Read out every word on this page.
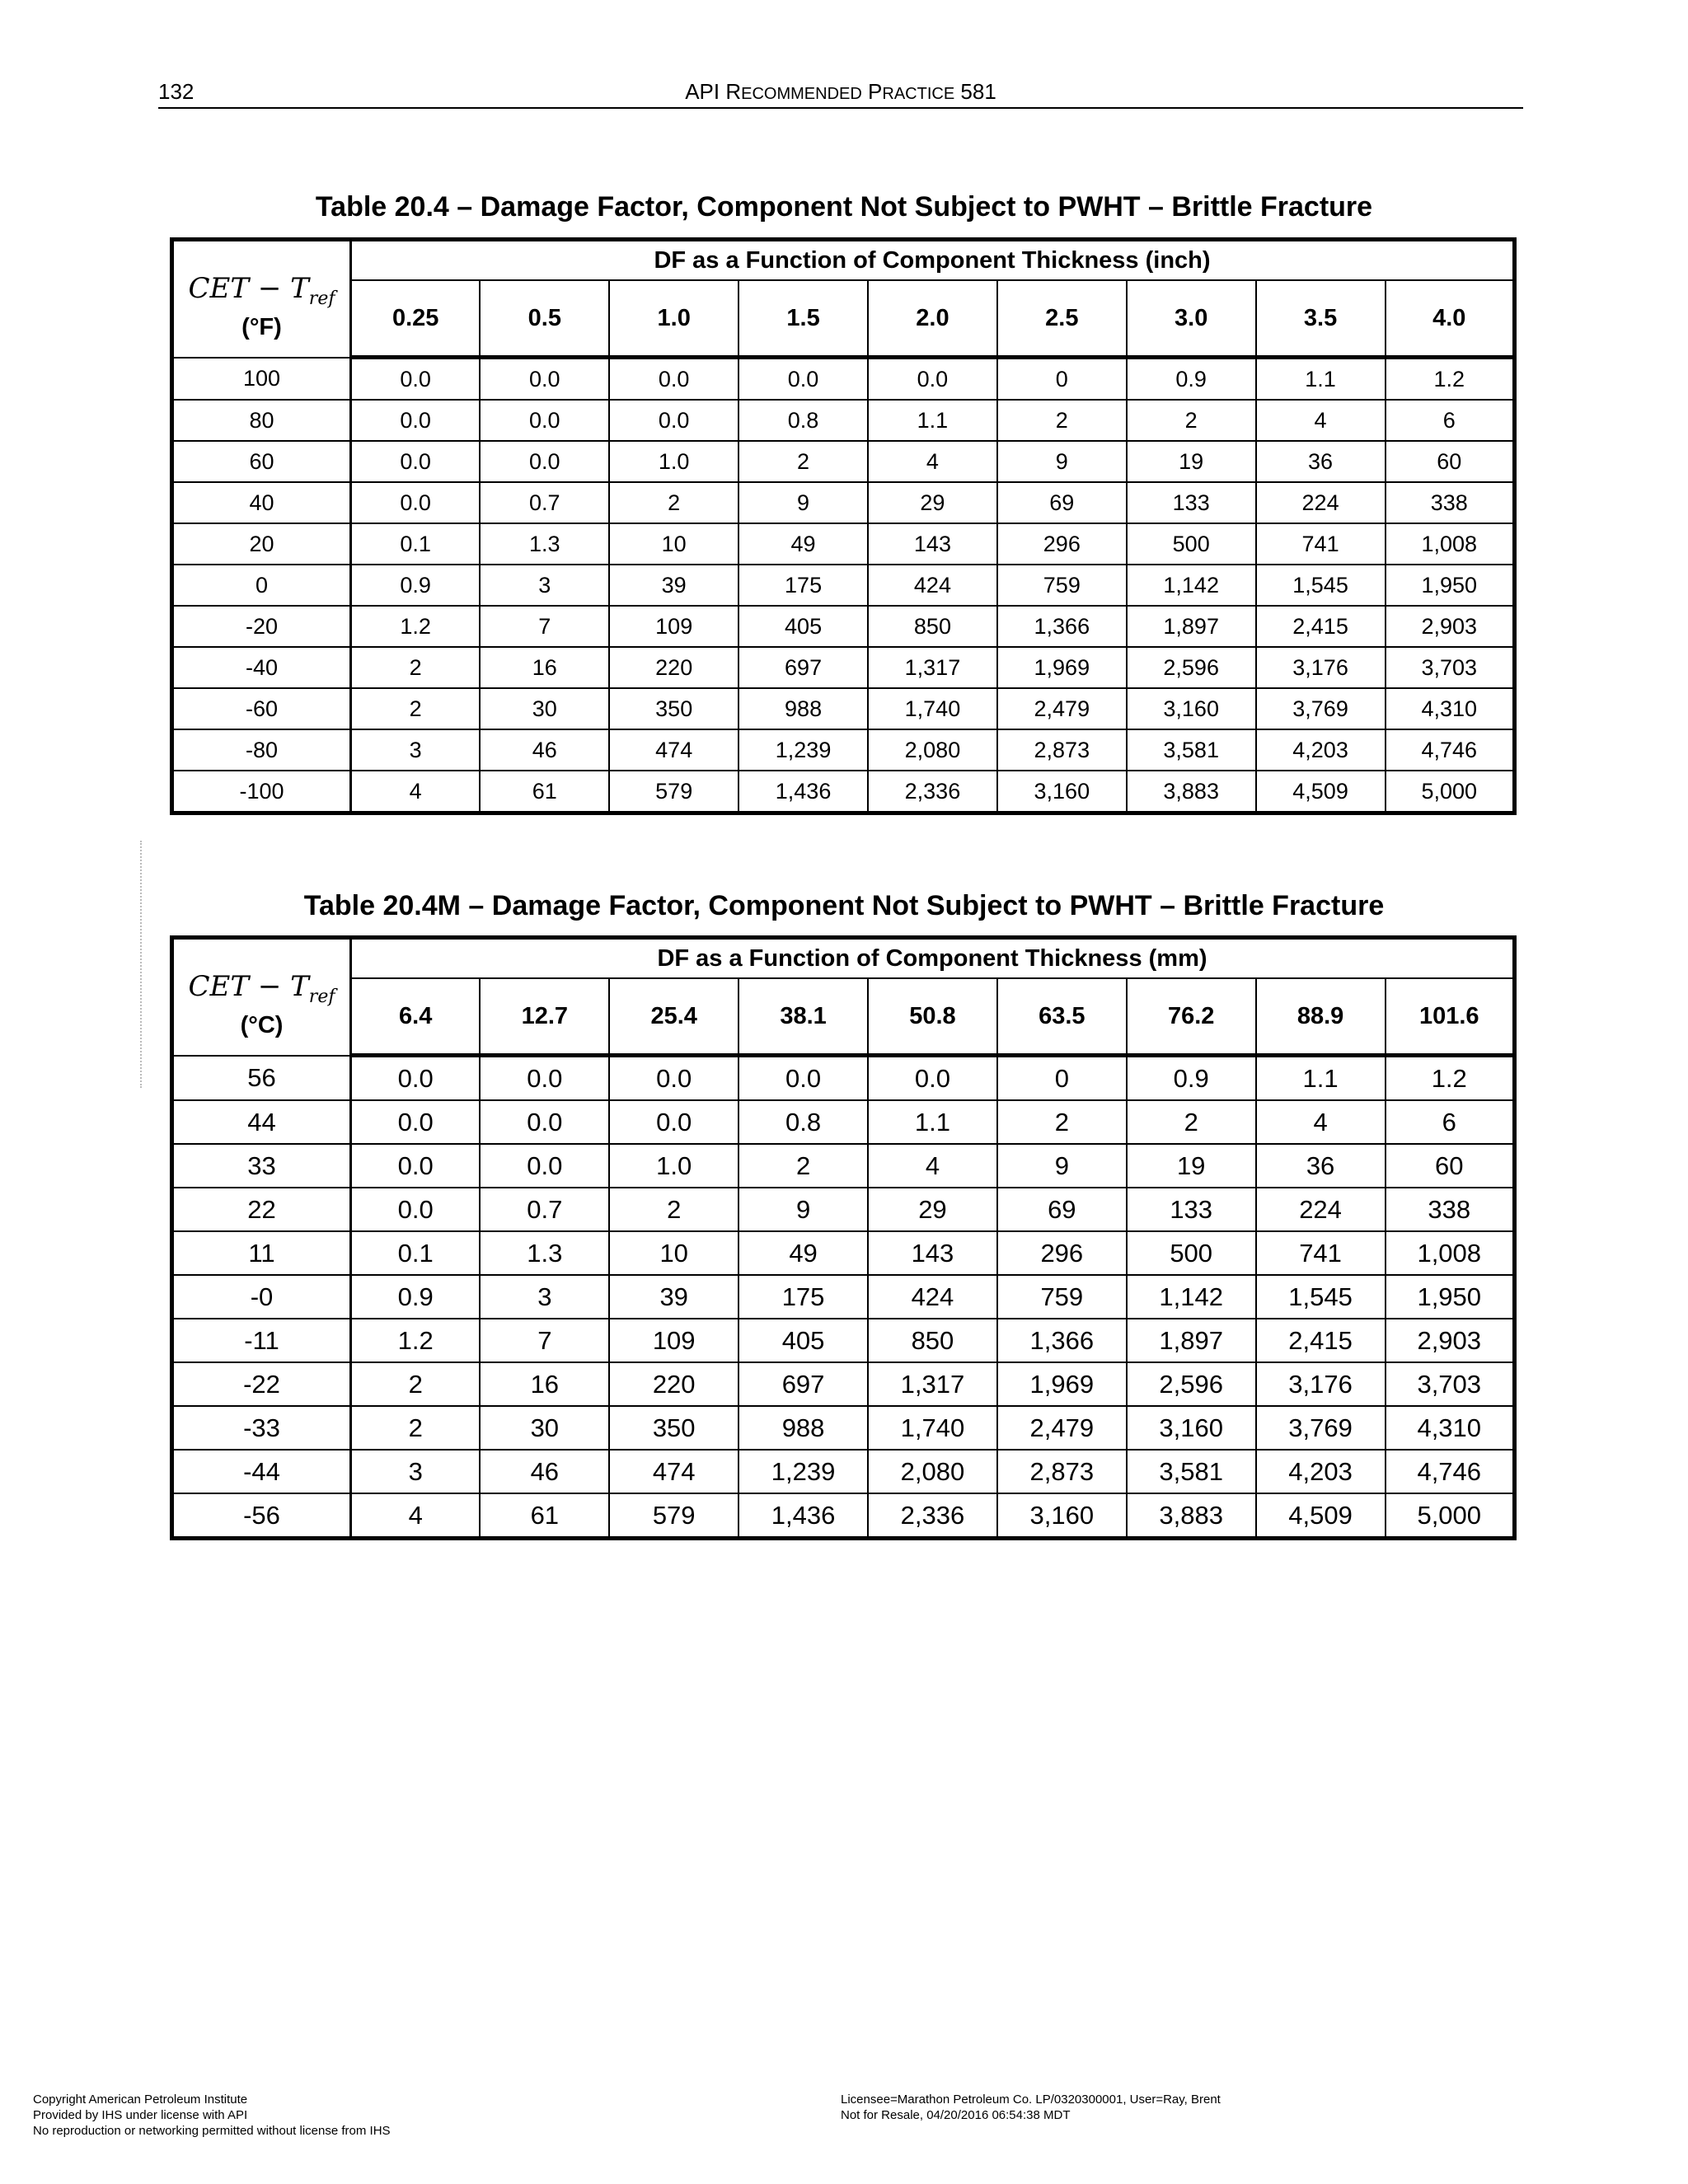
132	API RECOMMENDED PRACTICE 581
Table 20.4 – Damage Factor, Component Not Subject to PWHT – Brittle Fracture
CET − $T_{ref}$
(°F)	DF as a Function of Component Thickness (inch)								
	0.25	0.5	1.0	1.5	2.0	2.5	3.0	3.5	4.0
100	0.0	0.0	0.0	0.0	0.0	0	0.9	1.1	1.2
80	0.0	0.0	0.0	0.8	1.1	2	2	4	6
60	0.0	0.0	1.0	2	4	9	19	36	60
40	0.0	0.7	2	9	29	69	133	224	338
20	0.1	1.3	10	49	143	296	500	741	1,008
0	0.9	3	39	175	424	759	1,142	1,545	1,950
-20	1.2	7	109	405	850	1,366	1,897	2,415	2,903
-40	2	16	220	697	1,317	1,969	2,596	3,176	3,703
-60	2	30	350	988	1,740	2,479	3,160	3,769	4,310
-80	3	46	474	1,239	2,080	2,873	3,581	4,203	4,746
-100	4	61	579	1,436	2,336	3,160	3,883	4,509	5,000
Table 20.4M – Damage Factor, Component Not Subject to PWHT – Brittle Fracture
CET − $T_{ref}$
(°C)	DF as a Function of Component Thickness (mm)								
	6.4	12.7	25.4	38.1	50.8	63.5	76.2	88.9	101.6
56	0.0	0.0	0.0	0.0	0.0	0	0.9	1.1	1.2
44	0.0	0.0	0.0	0.8	1.1	2	2	4	6
33	0.0	0.0	1.0	2	4	9	19	36	60
22	0.0	0.7	2	9	29	69	133	224	338
11	0.1	1.3	10	49	143	296	500	741	1,008
-0	0.9	3	39	175	424	759	1,142	1,545	1,950
-11	1.2	7	109	405	850	1,366	1,897	2,415	2,903
-22	2	16	220	697	1,317	1,969	2,596	3,176	3,703
-33	2	30	350	988	1,740	2,479	3,160	3,769	4,310
-44	3	46	474	1,239	2,080	2,873	3,581	4,203	4,746
-56	4	61	579	1,436	2,336	3,160	3,883	4,509	5,000
Copyright American Petroleum Institute
Provided by IHS under license with API
No reproduction or networking permitted without license from IHS
Licensee=Marathon Petroleum Co. LP/0320300001, User=Ray, Brent
Not for Resale, 04/20/2016 06:54:38 MDT
